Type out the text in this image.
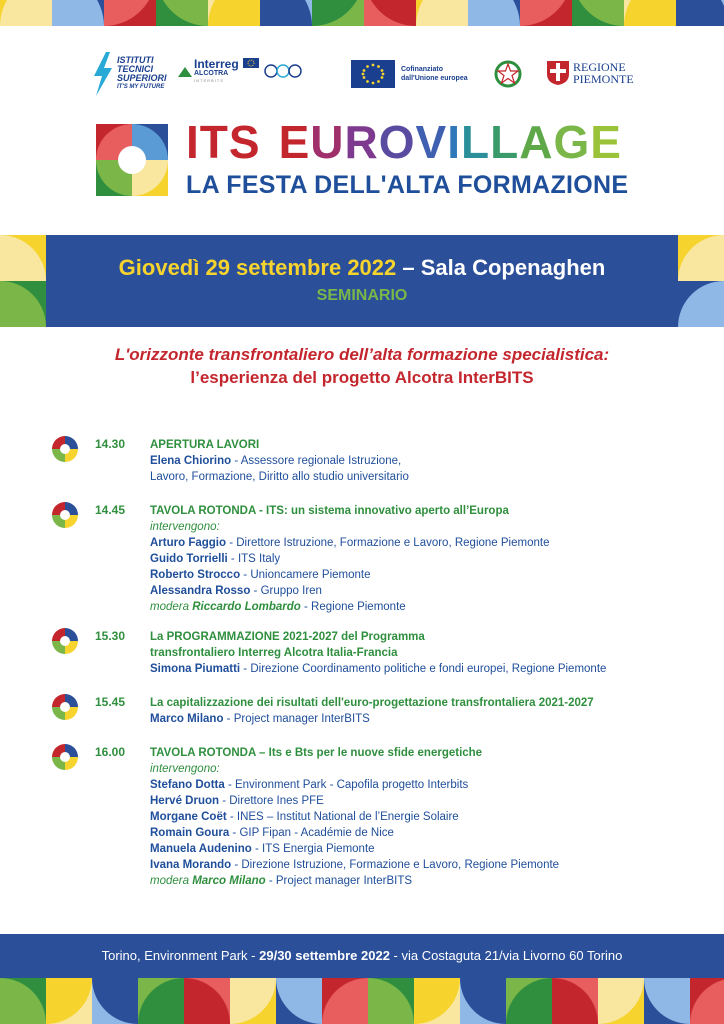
ISTITUTI
TECNICI
SUPERIORI
IT'S MY FUTURE
Interreg
ALCOTRA
INTERBITS
Cofinanziato
dall'Unione europea
REGIONE
PIEMONTE
ITS EUROVILLAGE
LA FESTA DELL'ALTA FORMAZIONE
Giovedì 29 settembre 2022 – Sala Copenaghen
SEMINARIO
L'orizzonte transfrontaliero dell’alta formazione specialistica:
l’esperienza del progetto Alcotra InterBITS
14.30 APERTURA LAVORI
Elena Chiorino - Assessore regionale Istruzione,
Lavoro, Formazione, Diritto allo studio universitario
14.45 TAVOLA ROTONDA - ITS: un sistema innovativo aperto all’Europa
intervengono:
Arturo Faggio - Direttore Istruzione, Formazione e Lavoro, Regione Piemonte
Guido Torrielli - ITS Italy
Roberto Strocco - Unioncamere Piemonte
Alessandra Rosso - Gruppo Iren
modera Riccardo Lombardo - Regione Piemonte
15.30 La PROGRAMMAZIONE 2021-2027 del Programma
transfrontaliero Interreg Alcotra Italia-Francia
Simona Piumatti - Direzione Coordinamento politiche e fondi europei, Regione Piemonte
15.45 La capitalizzazione dei risultati dell'euro-progettazione transfrontaliera 2021-2027
Marco Milano - Project manager InterBITS
16.00 TAVOLA ROTONDA – Its e Bts per le nuove sfide energetiche
intervengono:
Stefano Dotta - Environment Park - Capofila progetto Interbits
Hervé Druon - Direttore Ines PFE
Morgane Coët - INES – Institut National de l’Energie Solaire
Romain Goura - GIP Fipan - Académie de Nice
Manuela Audenino - ITS Energia Piemonte
Ivana Morando - Direzione Istruzione, Formazione e Lavoro, Regione Piemonte
modera Marco Milano - Project manager InterBITS
Torino, Environment Park - 29/30 settembre 2022 - via Costaguta 21/via Livorno 60 Torino
